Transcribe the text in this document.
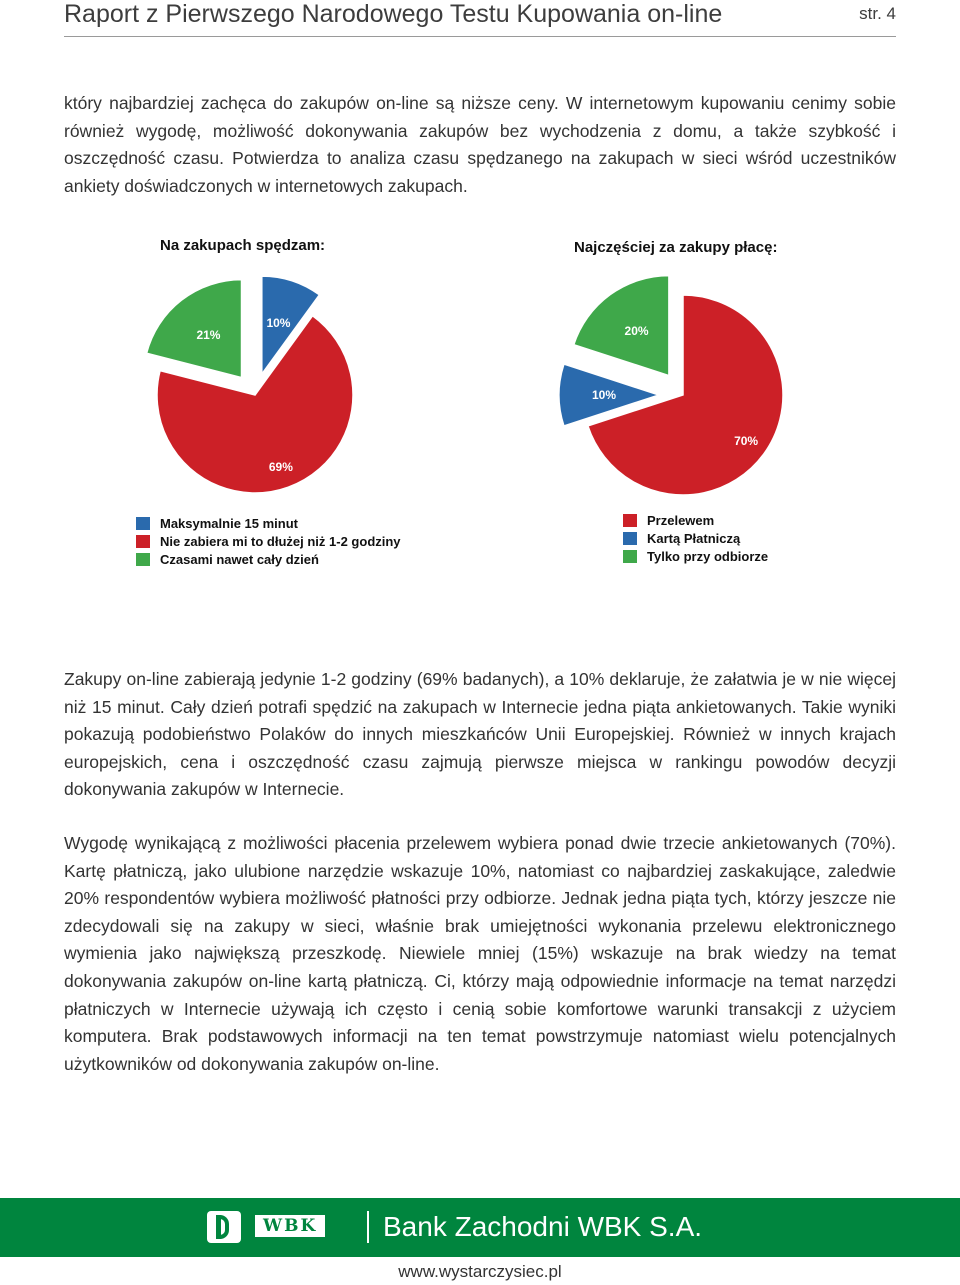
Raport z Pierwszego Narodowego Testu Kupowania on-line	str. 4

który najbardziej zachęca do zakupów on-line są niższe ceny. W internetowym kupowaniu cenimy sobie również wygodę, możliwość dokonywania zakupów bez wychodzenia z domu, a także szybkość i oszczędność czasu. Potwierdza to analiza czasu spędzanego na zakupach w sieci wśród uczestników ankiety doświadczonych w internetowych zakupach.

Na zakupach spędzam:
10%
69%
21%
Maksymalnie 15 minut
Nie zabiera mi to dłużej niż 1-2 godziny
Czasami nawet cały dzień
Najczęściej za zakupy płacę:
70%
10%
20%
Przelewem
Kartą Płatniczą
Tylko przy odbiorze

Zakupy on-line zabierają jedynie 1-2 godziny (69% badanych), a 10% deklaruje, że załatwia je w nie więcej niż 15 minut. Cały dzień potrafi spędzić na zakupach w Internecie jedna piąta ankietowanych. Takie wyniki pokazują podobieństwo Polaków do innych mieszkańców Unii Europejskiej. Również w innych krajach europejskich, cena i oszczędność czasu zajmują pierwsze miejsca w rankingu powodów decyzji dokonywania zakupów w Internecie.

Wygodę wynikającą z możliwości płacenia przelewem wybiera ponad dwie trzecie ankietowanych (70%). Kartę płatniczą, jako ulubione narzędzie wskazuje 10%, natomiast co najbardziej zaskakujące, zaledwie 20% respondentów wybiera możliwość płatności przy odbiorze. Jednak jedna piąta tych, którzy jeszcze nie zdecydowali się na zakupy w sieci, właśnie brak umiejętności wykonania przelewu elektronicznego wymienia jako największą przeszkodę. Niewiele mniej (15%) wskazuje na brak wiedzy na temat dokonywania zakupów on-line kartą płatniczą. Ci, którzy mają odpowiednie informacje na temat narzędzi płatniczych w Internecie używają ich często i cenią sobie komfortowe warunki transakcji z użyciem komputera. Brak podstawowych informacji na ten temat powstrzymuje natomiast wielu potencjalnych użytkowników od dokonywania zakupów on-line.

WBK Bank Zachodni WBK S.A.
www.wystarczysiec.pl
